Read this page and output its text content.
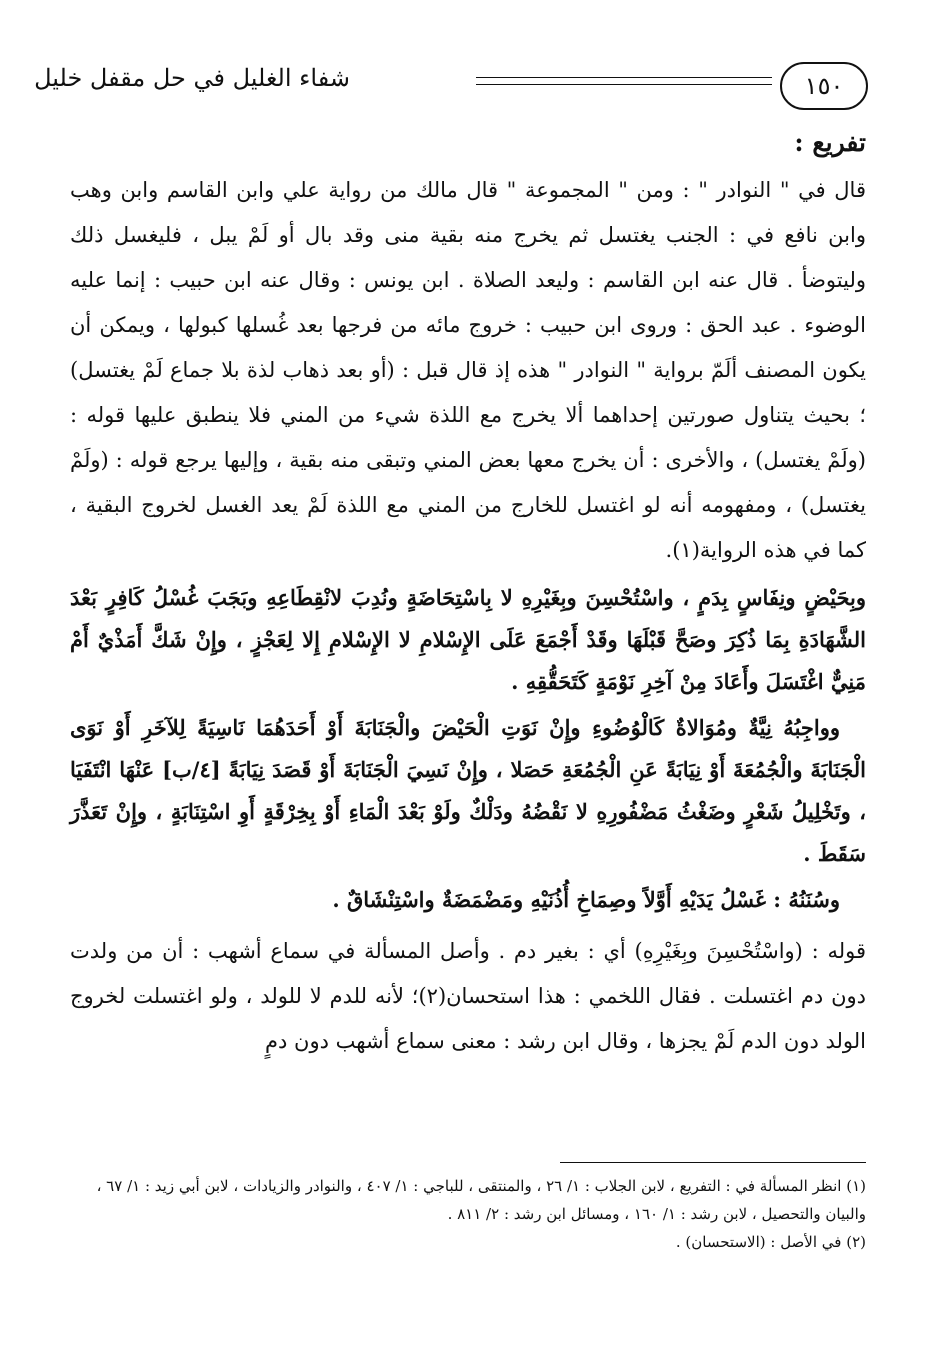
١٥٠
شفاء الغليل في حل مقفل خليل
تفريع :

قال في " النوادر " : ومن " المجموعة " قال مالك من رواية علي وابن القاسم وابن وهب وابن نافع في : الجنب يغتسل ثم يخرج منه بقية منى وقد بال أو لَمْ يبل ، فليغسل ذلك وليتوضأ . قال عنه ابن القاسم : وليعد الصلاة . ابن يونس : وقال عنه ابن حبيب : إنما عليه الوضوء . عبد الحق : وروى ابن حبيب : خروج مائه من فرجها بعد غُسلها كبولها ، ويمكن أن يكون المصنف ألَمّ برواية " النوادر " هذه إذ قال قبل : (أو بعد ذهاب لذة بلا جماع لَمْ يغتسل) ؛ بحيث يتناول صورتين إحداهما ألا يخرج مع اللذة شيء من المني فلا ينطبق عليها قوله : (ولَمْ يغتسل) ، والأخرى : أن يخرج معها بعض المني وتبقى منه بقية ، وإليها يرجع قوله : (ولَمْ يغتسل) ، ومفهومه أنه لو اغتسل للخارج من المني مع اللذة لَمْ يعد الغسل لخروج البقية ، كما في هذه الرواية(١).

وبِحَيْضٍ ونِفَاسٍ بِدَمٍ ، واسْتُحْسِنَ وبِغَيْرِهِ لا بِاسْتِحَاضَةٍ ونُدِبَ لانْقِطَاعِهِ وبَجَبَ غُسْلُ كَافِرٍ بَعْدَ الشَّهَادَةِ بِمَا ذُكِرَ وصَحَّ قَبْلَهَا وقَدْ أَجْمَعَ عَلَى الإِسْلامِ لا الإِسْلامِ إِلا لِعَجْزٍ ، وإِنْ شَكَّ أَمَذْيٌ أَمْ مَنِيٌّ اغْتَسَلَ وأَعَادَ مِنْ آخِرِ نَوْمَةٍ كَتَحَقُّقِهِ .

وواجِبُهُ نِيَّةٌ ومُوَالاةٌ كَالْوُضُوءِ وإِنْ نَوَتِ الْحَيْضَ والْجَنَابَةَ أَوْ أَحَدَهُمَا نَاسِيَةً لِلآخَرِ أَوْ نَوَى الْجَنَابَةَ والْجُمُعَةَ أَوْ نِيَابَةً عَنِ الْجُمُعَةِ حَصَلا ، وإِنْ نَسِيَ الْجَنَابَةَ أَوْ قَصَدَ نِيَابَةً [٤/ب] عَنْهَا انْتَفَيَا ، وتَخْلِيلُ شَعْرٍ وضَغْثُ مَضْفُورِهِ لا نَقْضُهُ ودَلْكٌ ولَوْ بَعْدَ الْمَاءِ أَوْ بِخِرْقَةٍ أَوِ اسْتِنَابَةٍ ، وإِنْ تَعَذَّرَ سَقَطَ .

وسُنَنُهُ : غَسْلُ يَدَيْهِ أَوَّلاً وصِمَاخِ أُذُنَيْهِ ومَضْمَضَةٌ واسْتِنْشَاقٌ .

قوله : (واسْتُحْسِنَ وبِغَيْرِهِ) أي : بغير دم . وأصل المسألة في سماع أشهب : أن من ولدت دون دم اغتسلت . فقال اللخمي : هذا استحسان(٢)؛ لأنه للدم لا للولد ، ولو اغتسلت لخروج الولد دون الدم لَمْ يجزها ، وقال ابن رشد : معنى سماع أشهب دون دمٍ

(١) انظر المسألة في : التفريع ، لابن الجلاب : ١/ ٢٦ ، والمنتقى ، للباجي : ١/ ٤٠٧ ، والنوادر والزيادات ، لابن أبي زيد : ١/ ٦٧ ، والبيان والتحصيل ، لابن رشد : ١/ ١٦٠ ، ومسائل ابن رشد : ٢/ ٨١١ .

(٢) في الأصل : (الاستحسان) .
